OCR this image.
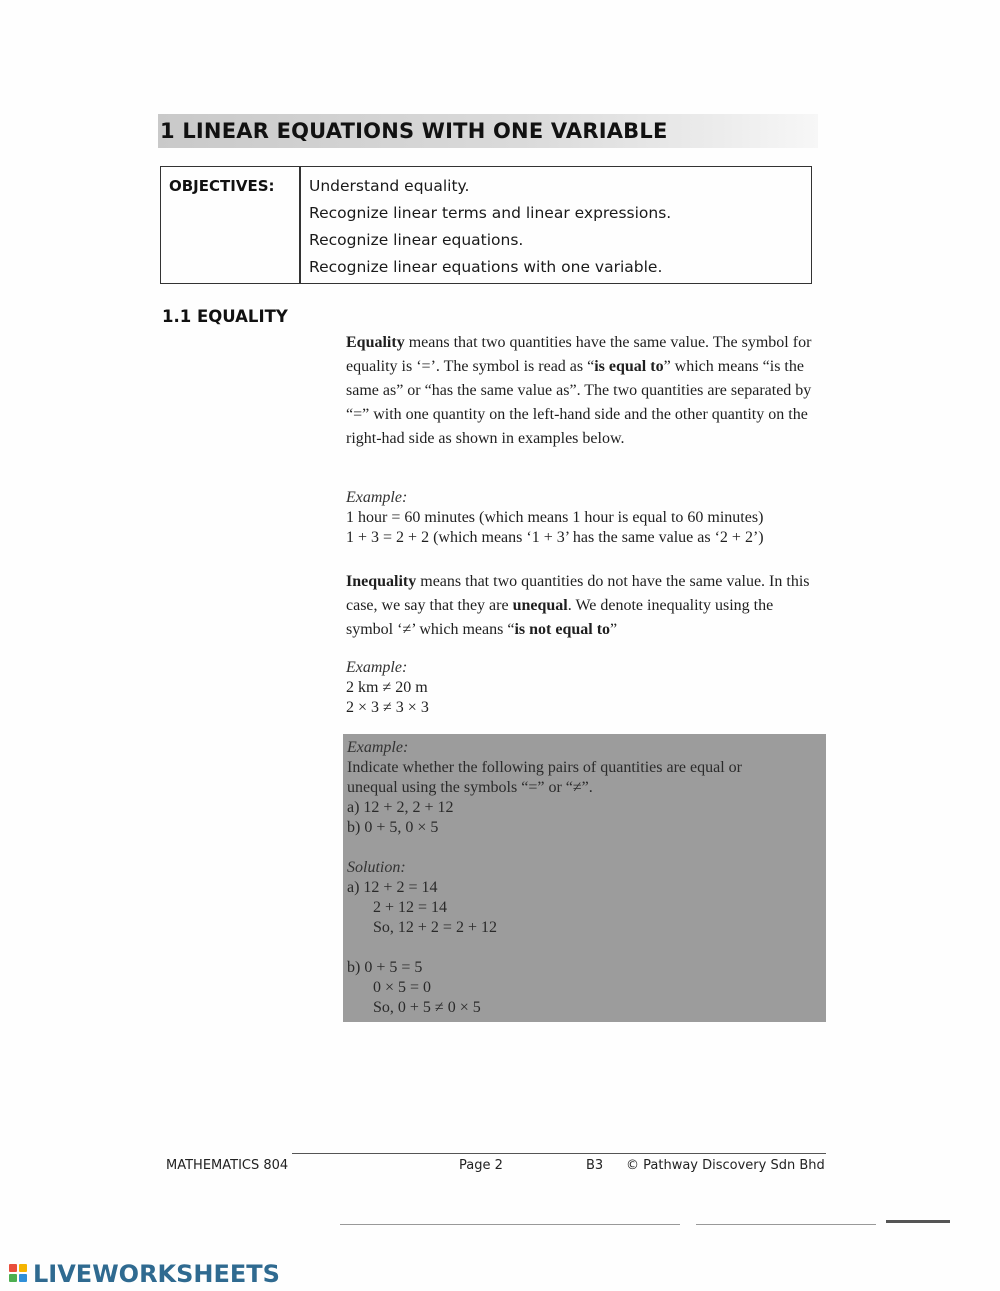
1 LINEAR EQUATIONS WITH ONE VARIABLE
OBJECTIVES: Understand equality.
Recognize linear terms and linear expressions.
Recognize linear equations.
Recognize linear equations with one variable.
1.1 EQUALITY

Equality means that two quantities have the same value. The symbol for equality is ‘=’. The symbol is read as “is equal to” which means “is the same as” or “has the same value as”. The two quantities are separated by “=” with one quantity on the left-hand side and the other quantity on the right-had side as shown in examples below.

Example:
1 hour = 60 minutes (which means 1 hour is equal to 60 minutes)
1 + 3 = 2 + 2 (which means ‘1 + 3’ has the same value as ‘2 + 2’)

Inequality means that two quantities do not have the same value. In this case, we say that they are unequal. We denote inequality using the symbol ‘≠’ which means “is not equal to”

Example:
2 km ≠ 20 m
2 × 3 ≠ 3 × 3
Example:
Indicate whether the following pairs of quantities are equal or
unequal using the symbols “=” or “≠”.
a) 12 + 2, 2 + 12
b) 0 + 5, 0 × 5
Solution:
a) 12 + 2 = 14
2 + 12 = 14
So, 12 + 2 = 2 + 12
b) 0 + 5 = 5
0 × 5 = 0
So, 0 + 5 ≠ 0 × 5
MATHEMATICS 804	Page 2	B3 © Pathway Discovery Sdn Bhd
LIVEWORKSHEETS
